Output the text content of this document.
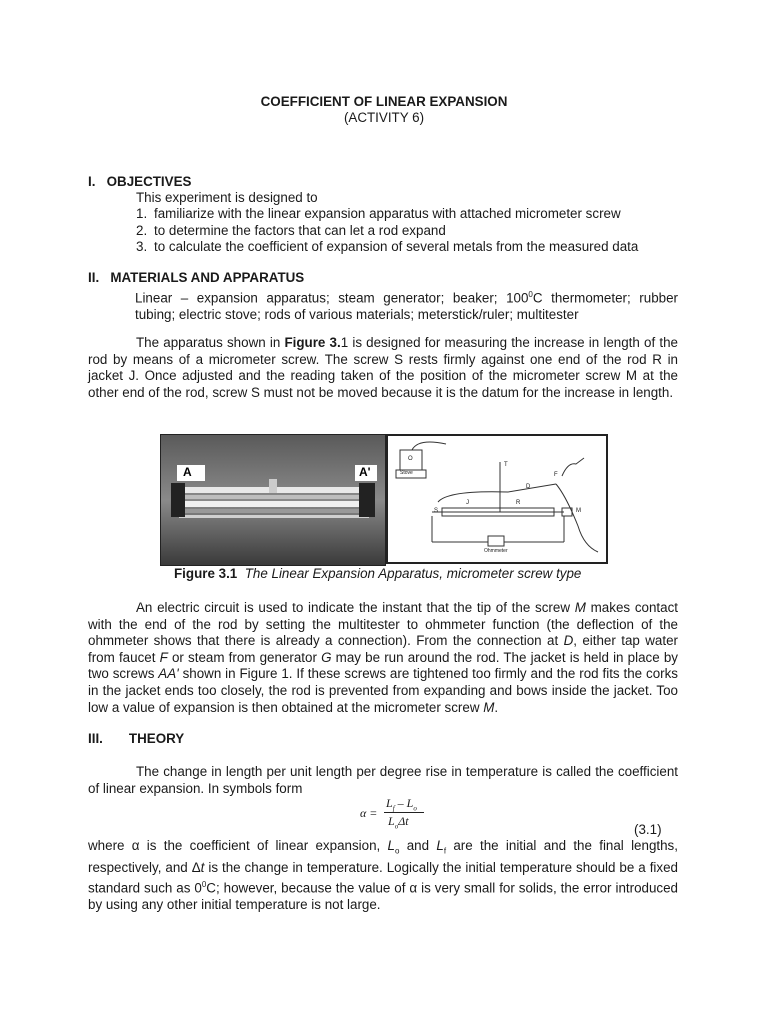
COEFFICIENT OF LINEAR EXPANSION
(ACTIVITY 6)
I.   OBJECTIVES
This experiment is designed to
1. familiarize with the linear expansion apparatus with attached micrometer screw
2. to determine the factors that can let a rod expand
3. to calculate the coefficient of expansion of several metals from the measured data
II.   MATERIALS AND APPARATUS
Linear – expansion apparatus; steam generator; beaker; $100^0C$ thermometer; rubber tubing; electric stove; rods of various materials; meterstick/ruler; multitester
The apparatus shown in Figure 3.1 is designed for measuring the increase in length of the rod by means of a micrometer screw. The screw S rests firmly against one end of the rod R in jacket J. Once adjusted and the reading taken of the position of the micrometer screw M at the other end of the rod, screw S must not be moved because it is the datum for the increase in length.
A	A'
O
Stove
T
F
D
J	R
S	M
Ohmmeter
Figure 3.1 The Linear Expansion Apparatus, micrometer screw type
An electric circuit is used to indicate the instant that the tip of the screw M makes contact with the end of the rod by setting the multitester to ohmmeter function (the deflection of the ohmmeter shows that there is already a connection). From the connection at D, either tap water from faucet F or steam from generator G may be run around the rod. The jacket is held in place by two screws AA' shown in Figure 1. If these screws are tightened too firmly and the rod fits the corks in the jacket ends too closely, the rod is prevented from expanding and bows inside the jacket. Too low a value of expansion is then obtained at the micrometer screw M.
III.       THEORY
The change in length per unit length per degree rise in temperature is called the coefficient of linear expansion. In symbols form
α =
$L_f - L_o$
$L_o\Delta t$
(3.1)
where α is the coefficient of linear expansion, $L_o$ and $L_f$ are the initial and the final lengths, respectively, and Δt is the change in temperature. Logically the initial temperature should be a fixed standard such as $0^0C$; however, because the value of α is very small for solids, the error introduced by using any other initial temperature is not large.
